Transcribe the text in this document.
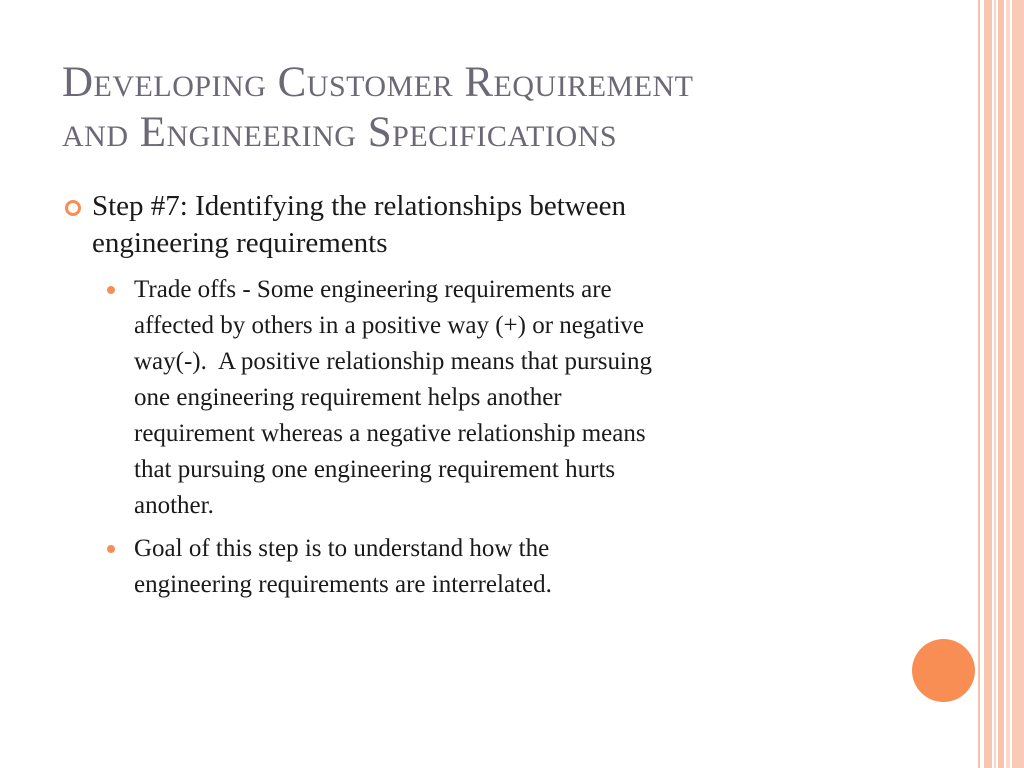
Developing Customer Requirement
and Engineering Specifications
Step #7: Identifying the relationships between
engineering requirements
Trade offs - Some engineering requirements are
affected by others in a positive way (+) or negative
way(-).  A positive relationship means that pursuing
one engineering requirement helps another
requirement whereas a negative relationship means
that pursuing one engineering requirement hurts
another.
Goal of this step is to understand how the
engineering requirements are interrelated.
